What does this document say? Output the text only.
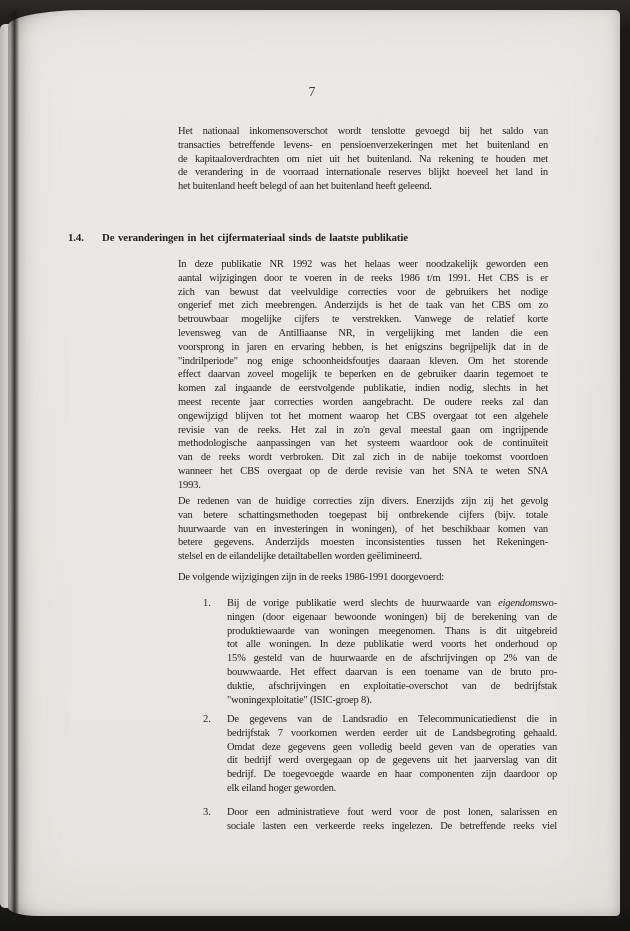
7
Het nationaal inkomensoverschot wordt tenslotte gevoegd bij het saldo van
transacties betreffende levens- en pensioenverzekeringen met het buitenland en
de kapitaaloverdrachten om niet uit het buitenland. Na rekening te houden met
de verandering in de voorraad internationale reserves blijkt hoeveel het land in
het buitenland heeft belegd of aan het buitenland heeft geleend.
1.4.	De veranderingen in het cijfermateriaal sinds de laatste publikatie
In deze publikatie NR 1992 was het helaas weer noodzakelijk geworden een
aantal wijzigingen door te voeren in de reeks 1986 t/m 1991. Het CBS is er
zich van bewust dat veelvuldige correcties voor de gebruikers het nodige
ongerief met zich meebrengen. Anderzijds is het de taak van het CBS om zo
betrouwbaar mogelijke cijfers te verstrekken. Vanwege de relatief korte
levensweg van de Antilliaanse NR, in vergelijking met landen die een
voorsprong in jaren en ervaring hebben, is het enigszins begrijpelijk dat in de
"indrilperiode" nog enige schoonheidsfoutjes daaraan kleven. Om het storende
effect daarvan zoveel mogelijk te beperken en de gebruiker daarin tegemoet te
komen zal ingaande de eerstvolgende publikatie, indien nodig, slechts in het
meest recente jaar correcties worden aangebracht. De oudere reeks zal dan
ongewijzigd blijven tot het moment waarop het CBS overgaat tot een algehele
revisie van de reeks. Het zal in zo'n geval meestal gaan om ingrijpende
methodologische aanpassingen van het systeem waardoor ook de continuïteit
van de reeks wordt verbroken. Dit zal zich in de nabije toekomst voordoen
wanneer het CBS overgaat op de derde revisie van het SNA te weten SNA
1993.
De redenen van de huidige correcties zijn divers. Enerzijds zijn zij het gevolg
van betere schattingsmethoden toegepast bij ontbrekende cijfers (bijv. totale
huurwaarde van en investeringen in woningen), of het beschikbaar komen van
betere gegevens. Anderzijds moesten inconsistenties tussen het Rekeningen-
stelsel en de eilandelijke detailtabellen worden geëlimineerd.
De volgende wijzigingen zijn in de reeks 1986-1991 doorgevoerd:
1.	Bij de vorige publikatie werd slechts de huurwaarde van eigendomswo-
ningen (door eigenaar bewoonde woningen) bij de berekening van de
produktiewaarde van woningen meegenomen. Thans is dit uitgebreid
tot alle woningen. In deze publikatie werd voorts het onderhoud op
15% gesteld van de huurwaarde en de afschrijvingen op 2% van de
bouwwaarde. Het effect daarvan is een toename van de bruto pro-
duktie, afschrijvingen en exploitatie-overschot van de bedrijfstak
"woningexploitatie" (ISIC-groep 8).
2.	De gegevens van de Landsradio en Telecommunicatiedienst die in
bedrijfstak 7 voorkomen werden eerder uit de Landsbegroting gehaald.
Omdat deze gegevens geen volledig beeld geven van de operaties van
dit bedrijf werd overgegaan op de gegevens uit het jaarverslag van dit
bedrijf. De toegevoegde waarde en haar componenten zijn daardoor op
elk eiland hoger geworden.
3.	Door een administratieve fout werd voor de post lonen, salarissen en
sociale lasten een verkeerde reeks ingelezen. De betreffende reeks viel
